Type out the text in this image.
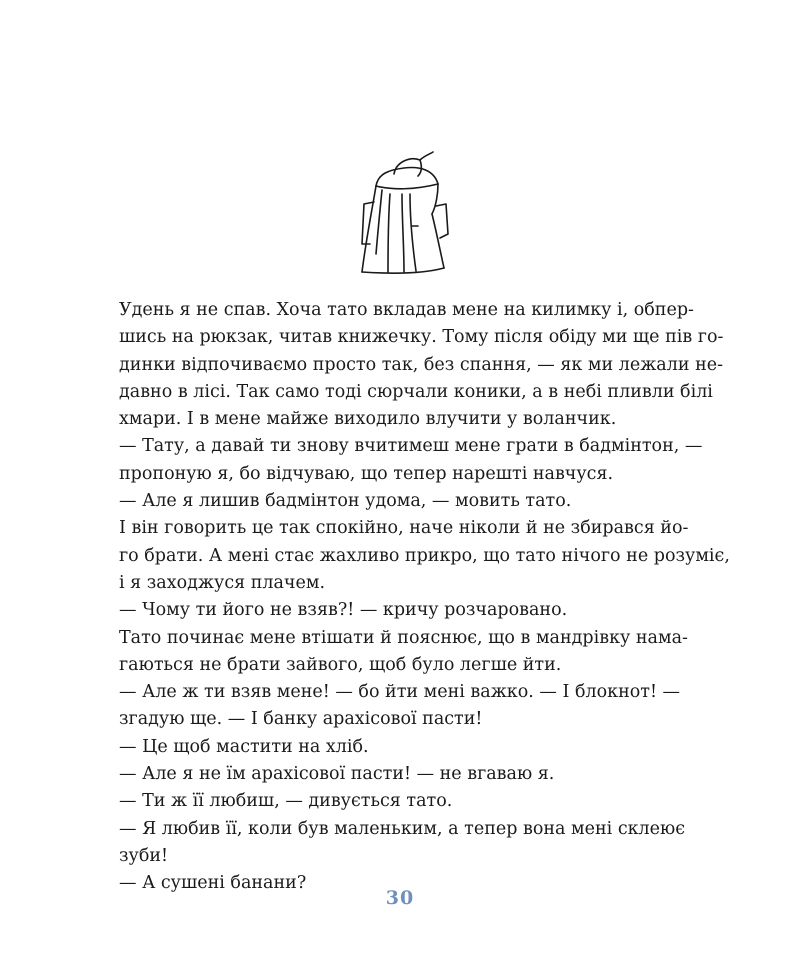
Удень я не спав. Хоча тато вкладав мене на килимку і, обпер-

шись на рюкзак, читав книжечку. Тому після обіду ми ще пів го-

динки відпочиваємо просто так, без спання, — як ми лежали не-

давно в лісі. Так само тоді сюрчали коники, а в небі пливли білі

хмари. І в мене майже виходило влучити у воланчик.

— Тату, а давай ти знову вчитимеш мене грати в бадмінтон, —

пропоную я, бо відчуваю, що тепер нарешті навчуся.

— Але я лишив бадмінтон удома, — мовить тато.

І він говорить це так спокійно, наче ніколи й не збирався йо-

го брати. А мені стає жахливо прикро, що тато нічого не розуміє,

і я заходжуся плачем.

— Чому ти його не взяв?! — кричу розчаровано.

Тато починає мене втішати й пояснює, що в мандрівку нама-

гаються не брати зайвого, щоб було легше йти.

— Але ж ти взяв мене! — бо йти мені важко. — І блокнот! —

згадую ще. — І банку арахісової пасти!

— Це щоб мастити на хліб.

— Але я не їм арахісової пасти! — не вгаваю я.

— Ти ж її любиш, — дивується тато.

— Я любив її, коли був маленьким, а тепер вона мені склеює

зуби!

— А сушені банани?

30
